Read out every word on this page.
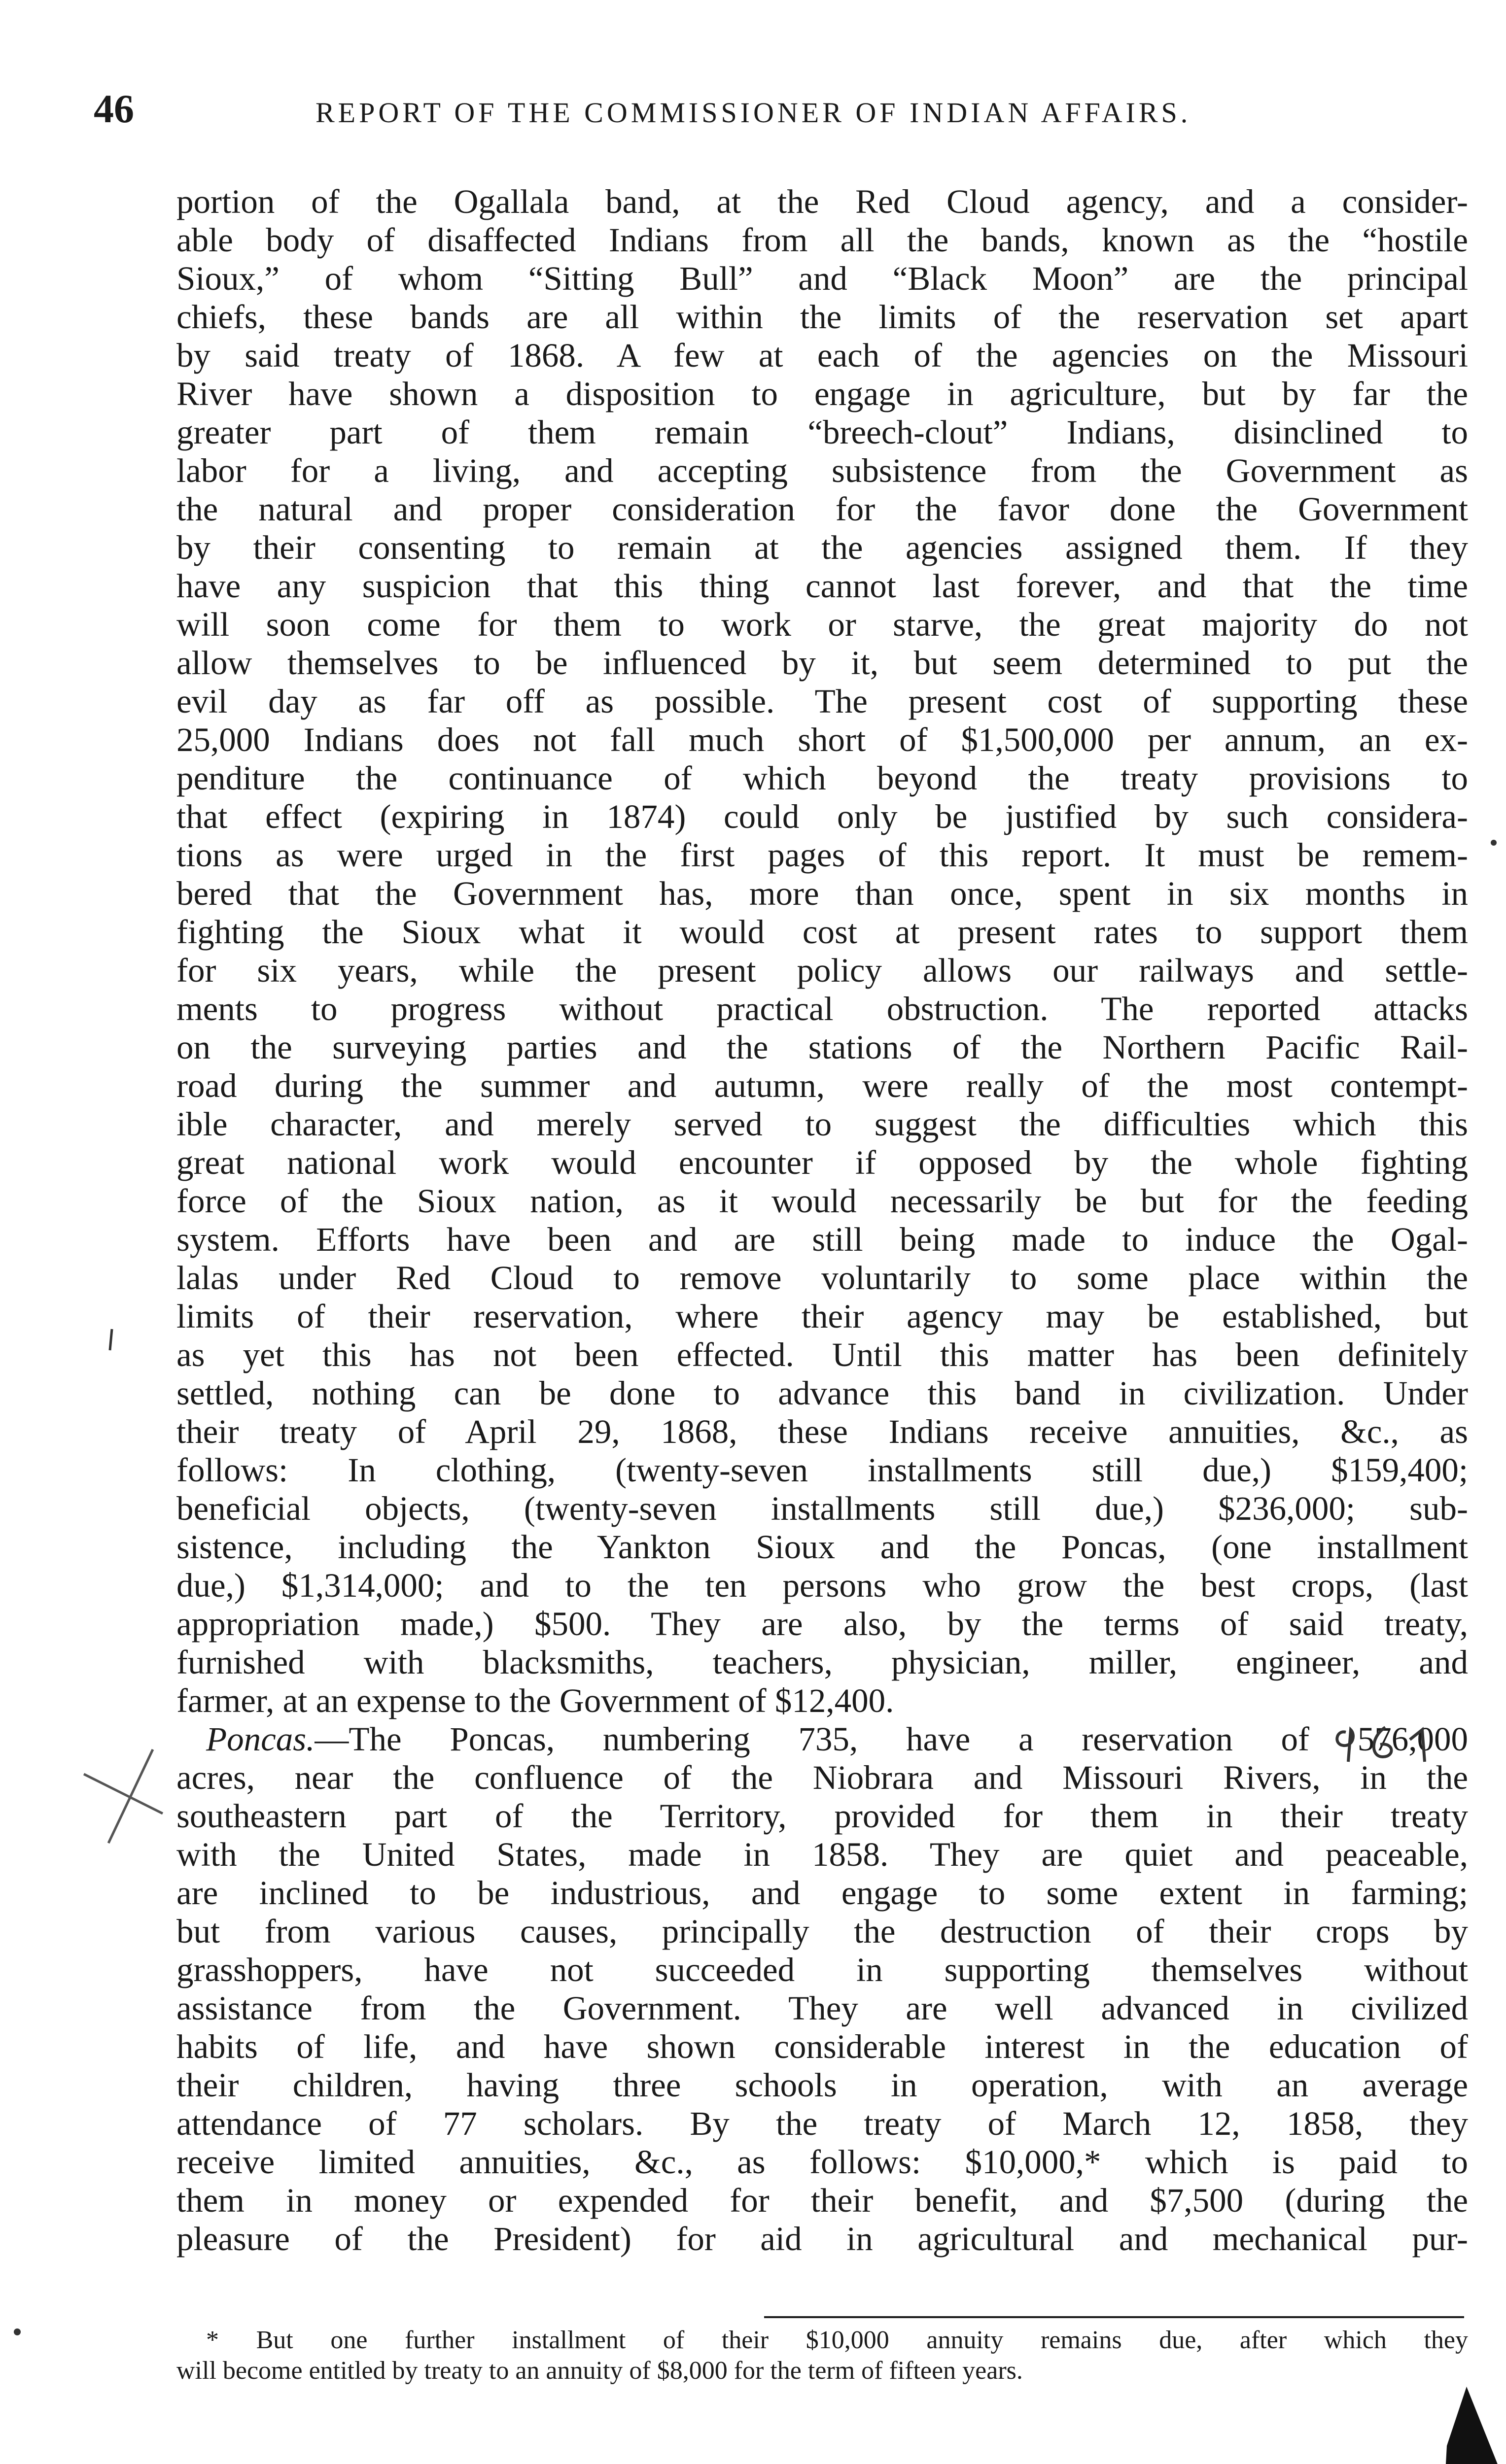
46	REPORT OF THE COMMISSIONER OF INDIAN AFFAIRS.
portion of the Ogallala band, at the Red Cloud agency, and a consider-
able body of disaffected Indians from all the bands, known as the “hostile
Sioux,” of whom “Sitting Bull” and “Black Moon” are the principal
chiefs, these bands are all within the limits of the reservation set apart
by said treaty of 1868. A few at each of the agencies on the Missouri
River have shown a disposition to engage in agriculture, but by far the
greater part of them remain “breech-clout” Indians, disinclined to
labor for a living, and accepting subsistence from the Government as
the natural and proper consideration for the favor done the Government
by their consenting to remain at the agencies assigned them. If they
have any suspicion that this thing cannot last forever, and that the time
will soon come for them to work or starve, the great majority do not
allow themselves to be influenced by it, but seem determined to put the
evil day as far off as possible. The present cost of supporting these
25,000 Indians does not fall much short of $1,500,000 per annum, an ex-
penditure the continuance of which beyond the treaty provisions to
that effect (expiring in 1874) could only be justified by such considera-
tions as were urged in the first pages of this report. It must be remem-
bered that the Government has, more than once, spent in six months in
fighting the Sioux what it would cost at present rates to support them
for six years, while the present policy allows our railways and settle-
ments to progress without practical obstruction. The reported attacks
on the surveying parties and the stations of the Northern Pacific Rail-
road during the summer and autumn, were really of the most contempt-
ible character, and merely served to suggest the difficulties which this
great national work would encounter if opposed by the whole fighting
force of the Sioux nation, as it would necessarily be but for the feeding
system. Efforts have been and are still being made to induce the Ogal-
lalas under Red Cloud to remove voluntarily to some place within the
limits of their reservation, where their agency may be established, but
as yet this has not been effected. Until this matter has been definitely
settled, nothing can be done to advance this band in civilization. Under
their treaty of April 29, 1868, these Indians receive annuities, &c., as
follows: In clothing, (twenty-seven installments still due,) $159,400;
beneficial objects, (twenty-seven installments still due,) $236,000; sub-
sistence, including the Yankton Sioux and the Poncas, (one installment
due,) $1,314,000; and to the ten persons who grow the best crops, (last
appropriation made,) $500. They are also, by the terms of said treaty,
furnished with blacksmiths, teachers, physician, miller, engineer, and
farmer, at an expense to the Government of $12,400.
Poncas.—The Poncas, numbering 735, have a reservation of 576,000
acres, near the confluence of the Niobrara and Missouri Rivers, in the
southeastern part of the Territory, provided for them in their treaty
with the United States, made in 1858. They are quiet and peaceable,
are inclined to be industrious, and engage to some extent in farming;
but from various causes, principally the destruction of their crops by
grasshoppers, have not succeeded in supporting themselves without
assistance from the Government. They are well advanced in civilized
habits of life, and have shown considerable interest in the education of
their children, having three schools in operation, with an average
attendance of 77 scholars. By the treaty of March 12, 1858, they
receive limited annuities, &c., as follows: $10,000,* which is paid to
them in money or expended for their benefit, and $7,500 (during the
pleasure of the President) for aid in agricultural and mechanical pur-
* But one further installment of their $10,000 annuity remains due, after which they
will become entitled by treaty to an annuity of $8,000 for the term of fifteen years.
